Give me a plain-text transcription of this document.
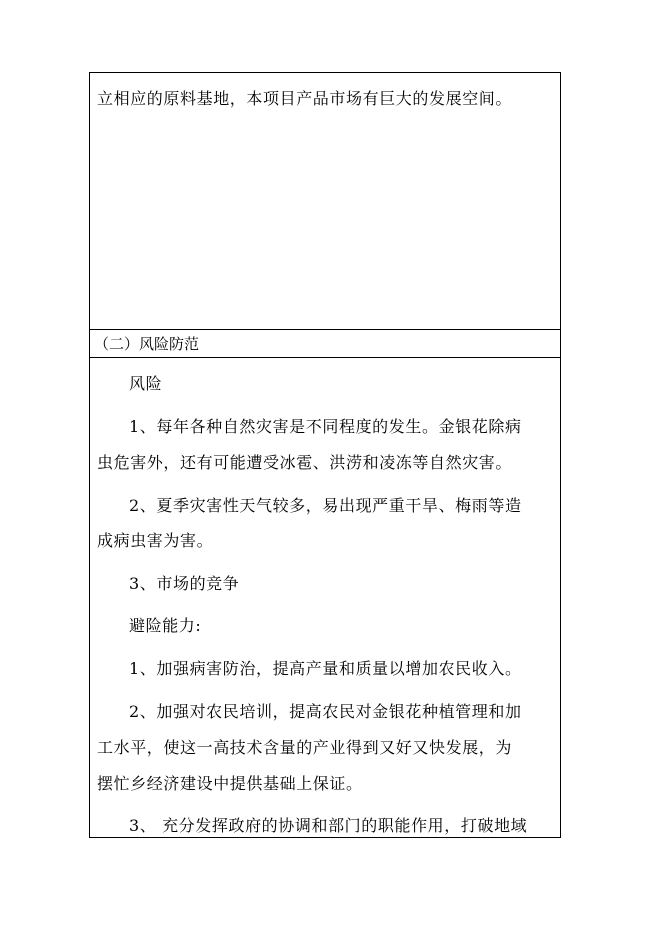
立相应的原料基地，本项目产品市场有巨大的发展空间。
（二）风险防范
风险
1、每年各种自然灾害是不同程度的发生。金银花除病
虫危害外，还有可能遭受冰雹、洪涝和凌冻等自然灾害。
2、夏季灾害性天气较多，易出现严重干旱、梅雨等造
成病虫害为害。
3、市场的竞争
避险能力:
1、加强病害防治，提高产量和质量以增加农民收入。
2、加强对农民培训，提高农民对金银花种植管理和加
工水平，使这一高技术含量的产业得到又好又快发展，为
摆忙乡经济建设中提供基础上保证。
3、 充分发挥政府的协调和部门的职能作用，打破地域
